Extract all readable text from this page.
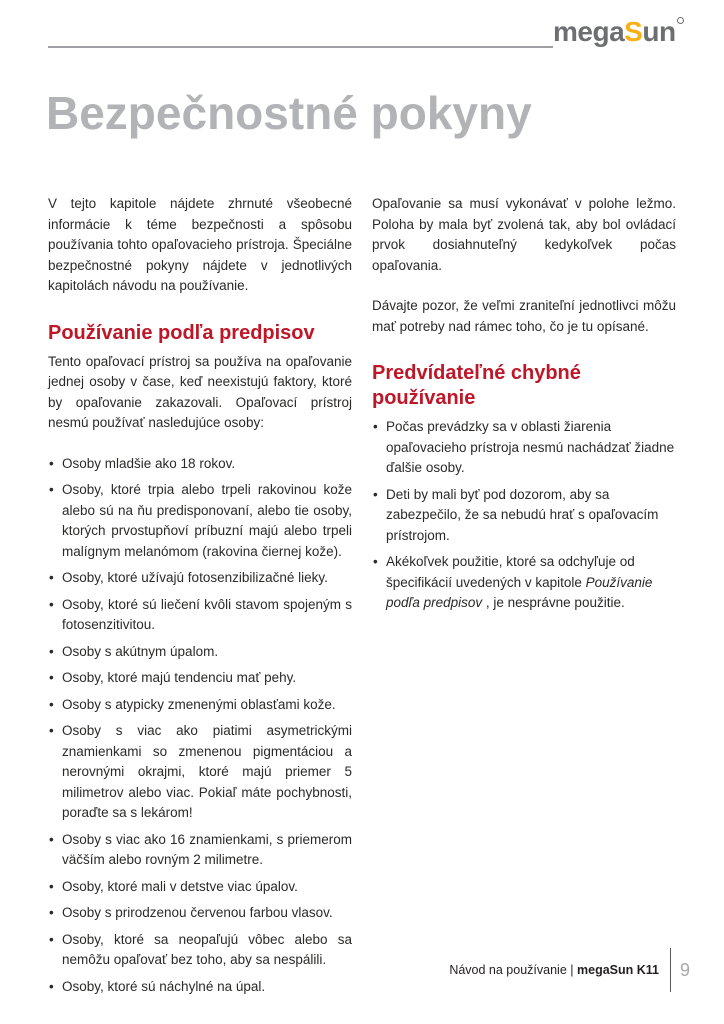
megaSun
Bezpečnostné pokyny

V tejto kapitole nájdete zhrnuté všeobecné informácie k téme bezpečnosti a spôsobu používania tohto opaľovacieho prístroja. Špeciálne bezpečnostné pokyny nájdete v jednotlivých kapitolách návodu na používanie.

Používanie podľa predpisov

Tento opaľovací prístroj sa používa na opaľovanie jednej osoby v čase, keď neexistujú faktory, ktoré by opaľovanie zakazovali. Opaľovací prístroj nesmú používať nasledujúce osoby:

• Osoby mladšie ako 18 rokov.
• Osoby, ktoré trpia alebo trpeli rakovinou kože alebo sú na ňu predisponovaní, alebo tie osoby, ktorých prvostupňoví príbuzní majú alebo trpeli malígnym melanómom (rakovina čiernej kože).
• Osoby, ktoré užívajú fotosenzibilizačné lieky.
• Osoby, ktoré sú liečení kvôli stavom spojeným s fotosenzitivitou.
• Osoby s akútnym úpalom.
• Osoby, ktoré majú tendenciu mať pehy.
• Osoby s atypicky zmenenými oblasťami kože.
• Osoby s viac ako piatimi asymetrickými znamienkami so zmenenou pigmentáciou a nerovnými okrajmi, ktoré majú priemer 5 milimetrov alebo viac. Pokiaľ máte pochybnosti, poraďte sa s lekárom!
• Osoby s viac ako 16 znamienkami, s priemerom väčším alebo rovným 2 milimetre.
• Osoby, ktoré mali v detstve viac úpalov.
• Osoby s prirodzenou červenou farbou vlasov.
• Osoby, ktoré sa neopaľujú vôbec alebo sa nemôžu opaľovať bez toho, aby sa nespálili.
• Osoby, ktoré sú náchylné na úpal.

Opaľovanie sa musí vykonávať v polohe ležmo. Poloha by mala byť zvolená tak, aby bol ovládací prvok dosiahnuteľný kedykoľvek počas opaľovania.

Dávajte pozor, že veľmi zraniteľní jednotlivci môžu mať potreby nad rámec toho, čo je tu opísané.

Predvídateľné chybné
používanie
• Počas prevádzky sa v oblasti žiarenia opaľovacieho prístroja nesmú nachádzať žiadne ďalšie osoby.
• Deti by mali byť pod dozorom, aby sa zabezpečilo, že sa nebudú hrať s opaľovacím prístrojom.
• Akékoľvek použitie, ktoré sa odchyľuje od špecifikácií uvedených v kapitole Používanie podľa predpisov , je nesprávne použitie.
Návod na používanie | megaSun K11 9
